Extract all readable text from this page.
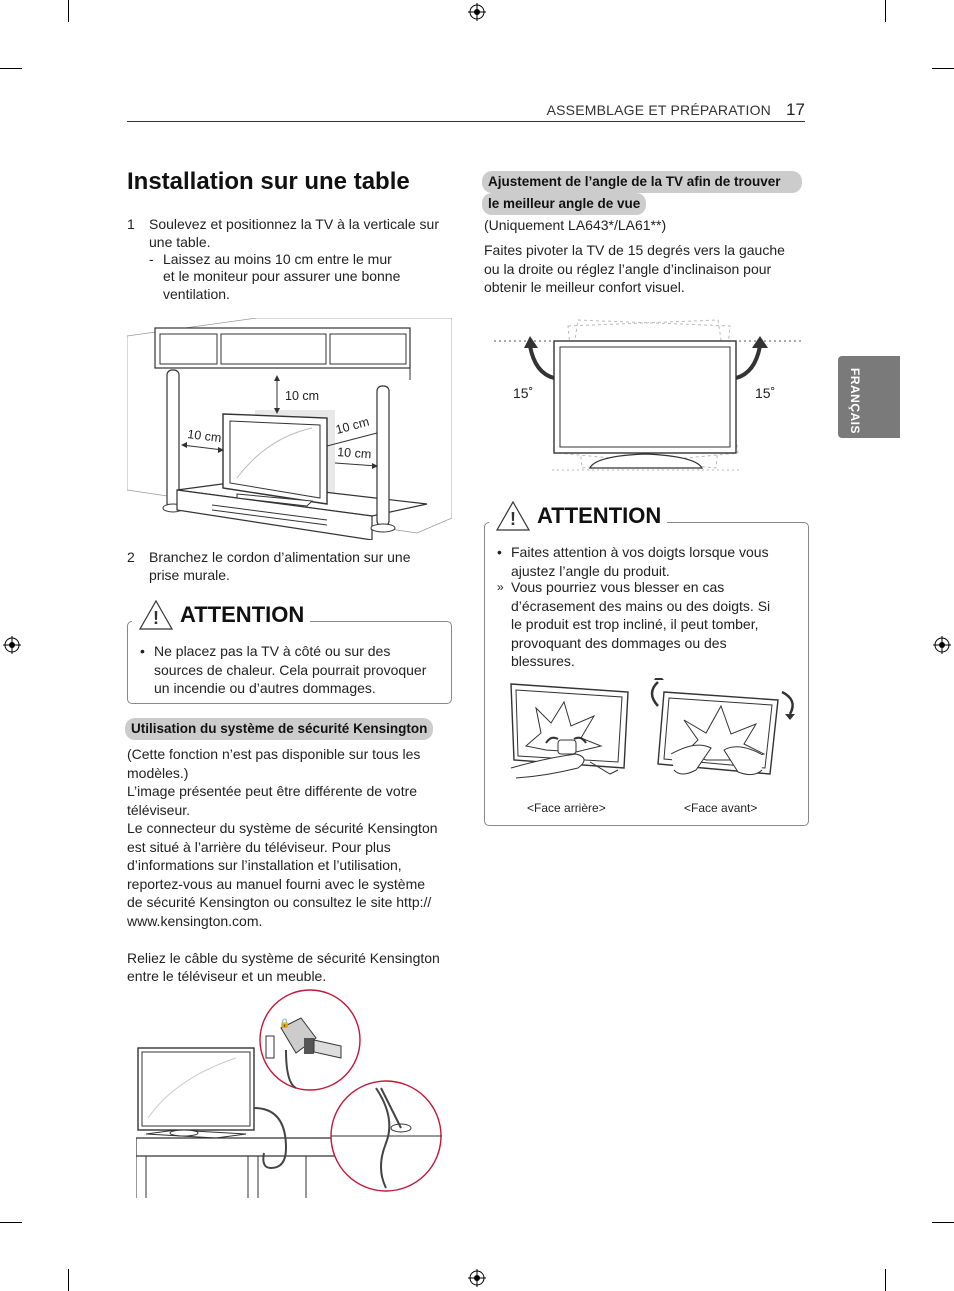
ASSEMBLAGE ET PRÉPARATION 17
FRANÇAIS
Installation sur une table
1 Soulevez et positionnez la TV à la verticale sur
une table.
- Laissez au moins 10 cm entre le mur
et le moniteur pour assurer une bonne
ventilation.
10 cm
10 cm	10 cm
10 cm
2 Branchez le cordon d’alimentation sur une
prise murale.
! ATTENTION
• Ne placez pas la TV à côté ou sur des
sources de chaleur. Cela pourrait provoquer
un incendie ou d’autres dommages.
Utilisation du système de sécurité Kensington
(Cette fonction n’est pas disponible sur tous les
modèles.)
L’image présentée peut être différente de votre
téléviseur.
Le connecteur du système de sécurité Kensington
est situé à l’arrière du téléviseur. Pour plus
d’informations sur l’installation et l’utilisation,
reportez-vous au manuel fourni avec le système
de sécurité Kensington ou consultez le site http://
www.kensington.com.
Reliez le câble du système de sécurité Kensington
entre le téléviseur et un meuble.
🔒
Ajustement de l’angle de la TV afin de trouver
le meilleur angle de vue
(Uniquement LA643*/LA61**)
Faites pivoter la TV de 15 degrés vers la gauche
ou la droite ou réglez l’angle d’inclinaison pour
obtenir le meilleur confort visuel.
15˚	15˚
! ATTENTION
• Faites attention à vos doigts lorsque vous
ajustez l’angle du produit.
» Vous pourriez vous blesser en cas
d’écrasement des mains ou des doigts. Si
le produit est trop incliné, il peut tomber,
provoquant des dommages ou des
blessures.
<Face arrière>	<Face avant>
